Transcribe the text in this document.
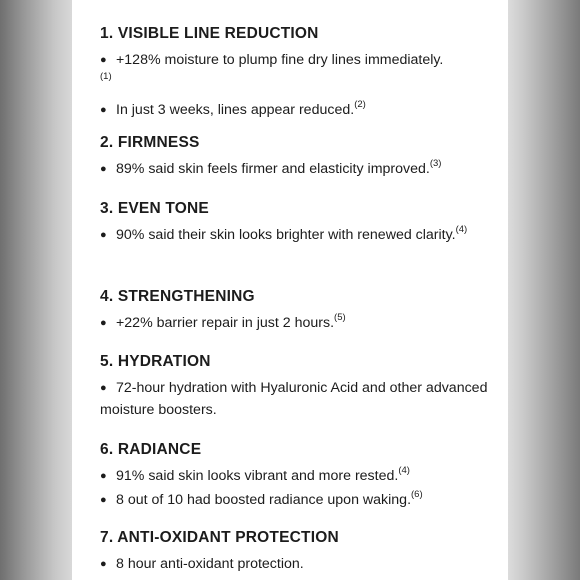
1. VISIBLE LINE REDUCTION
● +128% moisture to plump fine dry lines immediately.
$^{(1)}$
● In just 3 weeks, lines appear reduced.$^{(2)}$
2. FIRMNESS
● 89% said skin feels firmer and elasticity improved.$^{(3)}$
3. EVEN TONE
● 90% said their skin looks brighter with renewed clarity.$^{(4)}$
4. STRENGTHENING
● +22% barrier repair in just 2 hours.$^{(5)}$
5. HYDRATION
● 72-hour hydration with Hyaluronic Acid and other advanced moisture boosters.
6. RADIANCE
● 91% said skin looks vibrant and more rested.$^{(4)}$
● 8 out of 10 had boosted radiance upon waking.$^{(6)}$
7. ANTI-OXIDANT PROTECTION
● 8 hour anti-oxidant protection.
